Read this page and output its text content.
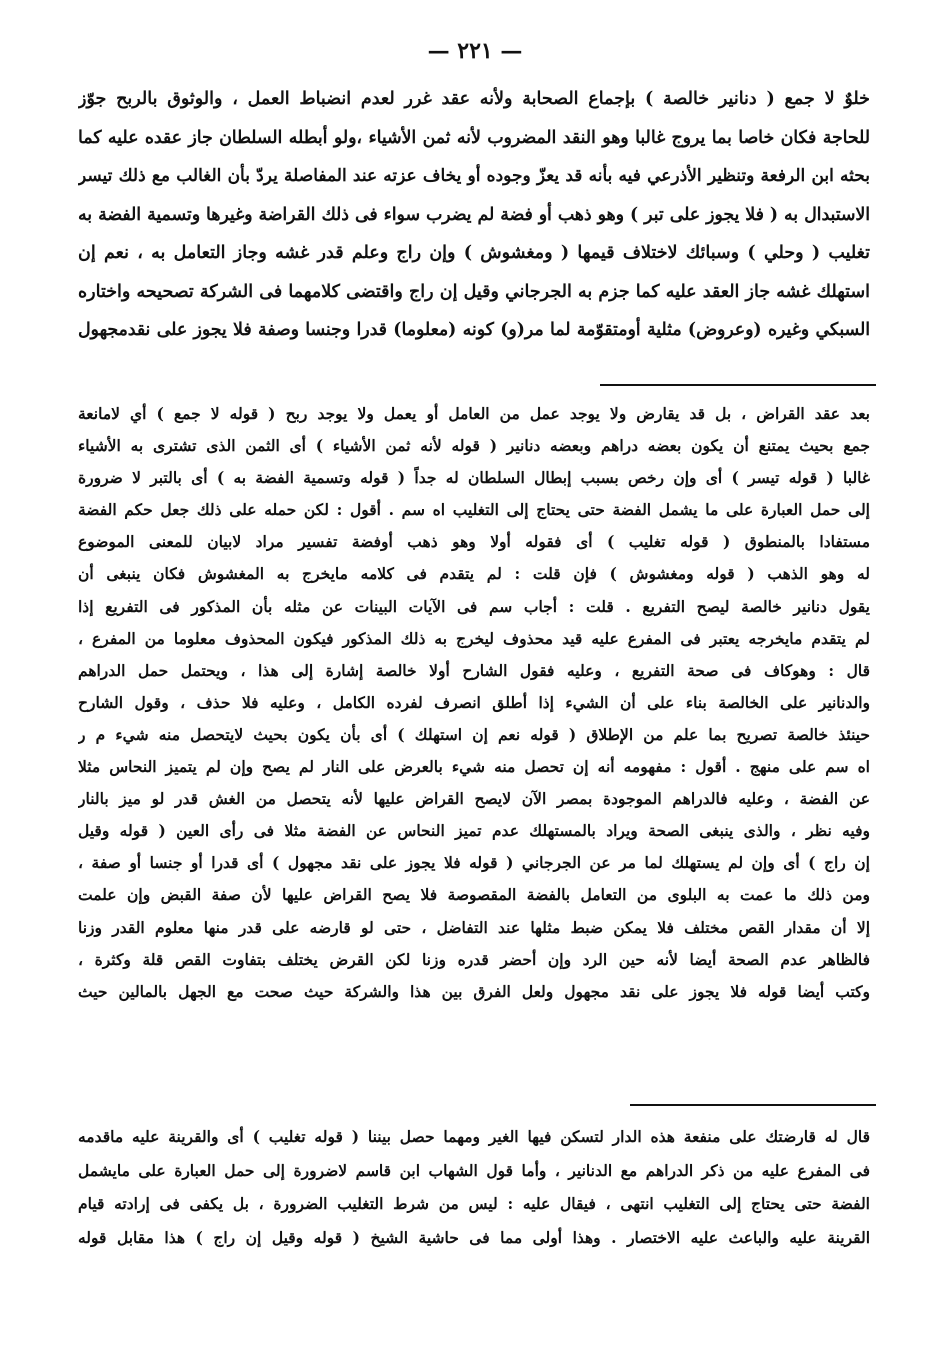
— ٢٢١ —
خلوٌ لا جمع ( دنانير خالصة ) بإجماع الصحابة ولأنه عقد غرر لعدم انضباط العمل ، والوثوق بالربح جوّز
للحاجة فكان خاصا بما يروج غالبا وهو النقد المضروب لأنه ثمن الأشياء ،ولو أبطله السلطان جاز عقده عليه كما
بحثه ابن الرفعة وتنظير الأذرعي فيه بأنه قد يعزّ وجوده أو يخاف عزته عند المفاصلة يردّ بأن الغالب مع ذلك تيسر
الاستبدال به ( فلا يجوز على تبر ) وهو ذهب أو فضة لم يضرب سواء فى ذلك القراضة وغيرها وتسمية الفضة به
تغليب ( وحلي ) وسبائك لاختلاف قيمها ( ومغشوش ) وإن راج وعلم قدر غشه وجاز التعامل به ، نعم إن
استهلك غشه جاز العقد عليه كما جزم به الجرجاني وقيل إن راج واقتضى كلامهما فى الشركة تصحيحه واختاره
السبكي وغيره (وعروض) مثلية أومتقوّمة لما مر(و) كونه (معلوما) قدرا وجنسا وصفة فلا يجوز على نقدمجهول
بعد عقد القراض ، بل قد يقارض ولا يوجد عمل من العامل أو يعمل ولا يوجد ربح ( قوله لا جمع ) أي لامانعة
جمع بحيث يمتنع أن يكون بعضه دراهم وبعضه دنانير ( قوله لأنه ثمن الأشياء ) أى الثمن الذى تشترى به الأشياء
غالبا ( قوله تيسر ) أى وإن رخص بسبب إبطال السلطان له جداً ( قوله وتسمية الفضة به ) أى بالتبر لا ضرورة
إلى حمل العبارة على ما يشمل الفضة حتى يحتاج إلى التغليب اه سم . أقول : لكن حمله على ذلك جعل حكم الفضة
مستفادا بالمنطوق ( قوله تغليب ) أى فقوله أولا وهو ذهب أوفضة تفسير مراد لابيان للمعنى الموضوع
له وهو الذهب ( قوله ومغشوش ) فإن قلت : لم يتقدم فى كلامه مايخرج به المغشوش فكان ينبغى أن
يقول دنانير خالصة ليصح التفريع . قلت : أجاب سم فى الآيات البينات عن مثله بأن المذكور فى التفريع إذا
لم يتقدم مايخرجه يعتبر فى المفرع عليه قيد محذوف ليخرج به ذلك المذكور فيكون المحذوف معلوما من المفرع ،
قال : وهوكاف فى صحة التفريع ، وعليه فقول الشارح أولا خالصة إشارة إلى هذا ، ويحتمل حمل الدراهم
والدنانير على الخالصة بناء على أن الشيء إذا أطلق انصرف لفرده الكامل ، وعليه فلا حذف ، وقول الشارح
حينئذ خالصة تصريح بما علم من الإطلاق ( قوله نعم إن استهلك ) أى بأن يكون بحيث لايتحصل منه شيء م ر
اه سم على منهج . أقول : مفهومه أنه إن تحصل منه شيء بالعرض على النار لم يصح وإن لم يتميز النحاس مثلا
عن الفضة ، وعليه فالدراهم الموجودة بمصر الآن لايصح القراض عليها لأنه يتحصل من الغش قدر لو ميز بالنار
وفيه نظر ، والذى ينبغى الصحة ويراد بالمستهلك عدم تميز النحاس عن الفضة مثلا فى رأى العين ( قوله وقيل
إن راج ) أى وإن لم يستهلك لما مر عن الجرجاني ( قوله فلا يجوز على نقد مجهول ) أى قدرا أو جنسا أو صفة ،
ومن ذلك ما عمت به البلوى من التعامل بالفضة المقصوصة فلا يصح القراض عليها لأن صفة القبض وإن علمت
إلا أن مقدار القص مختلف فلا يمكن ضبط مثلها عند التفاضل ، حتى لو قارضه على قدر منها معلوم القدر وزنا
فالظاهر عدم الصحة أيضا لأنه حين الرد وإن أحضر قدره وزنا لكن القرض يختلف بتفاوت القص قلة وكثرة ،
وكتب أيضا قوله فلا يجوز على نقد مجهول ولعل الفرق بين هذا والشركة حيث صحت مع الجهل بالمالين حيث
قال له قارضتك على منفعة هذه الدار لتسكن فيها الغير ومهما حصل بيننا ( قوله تغليب ) أى والقرينة عليه ماقدمه
فى المفرع عليه من ذكر الدراهم مع الدنانير ، وأما قول الشهاب ابن قاسم لاضرورة إلى حمل العبارة على مايشمل
الفضة حتى يحتاج إلى التغليب انتهى ، فيقال عليه : ليس من شرط التغليب الضرورة ، بل يكفى فى إرادته قيام
القرينة عليه والباعث عليه الاختصار . وهذا أولى مما فى حاشية الشيخ ( قوله وقيل إن راج ) هذا مقابل قوله
